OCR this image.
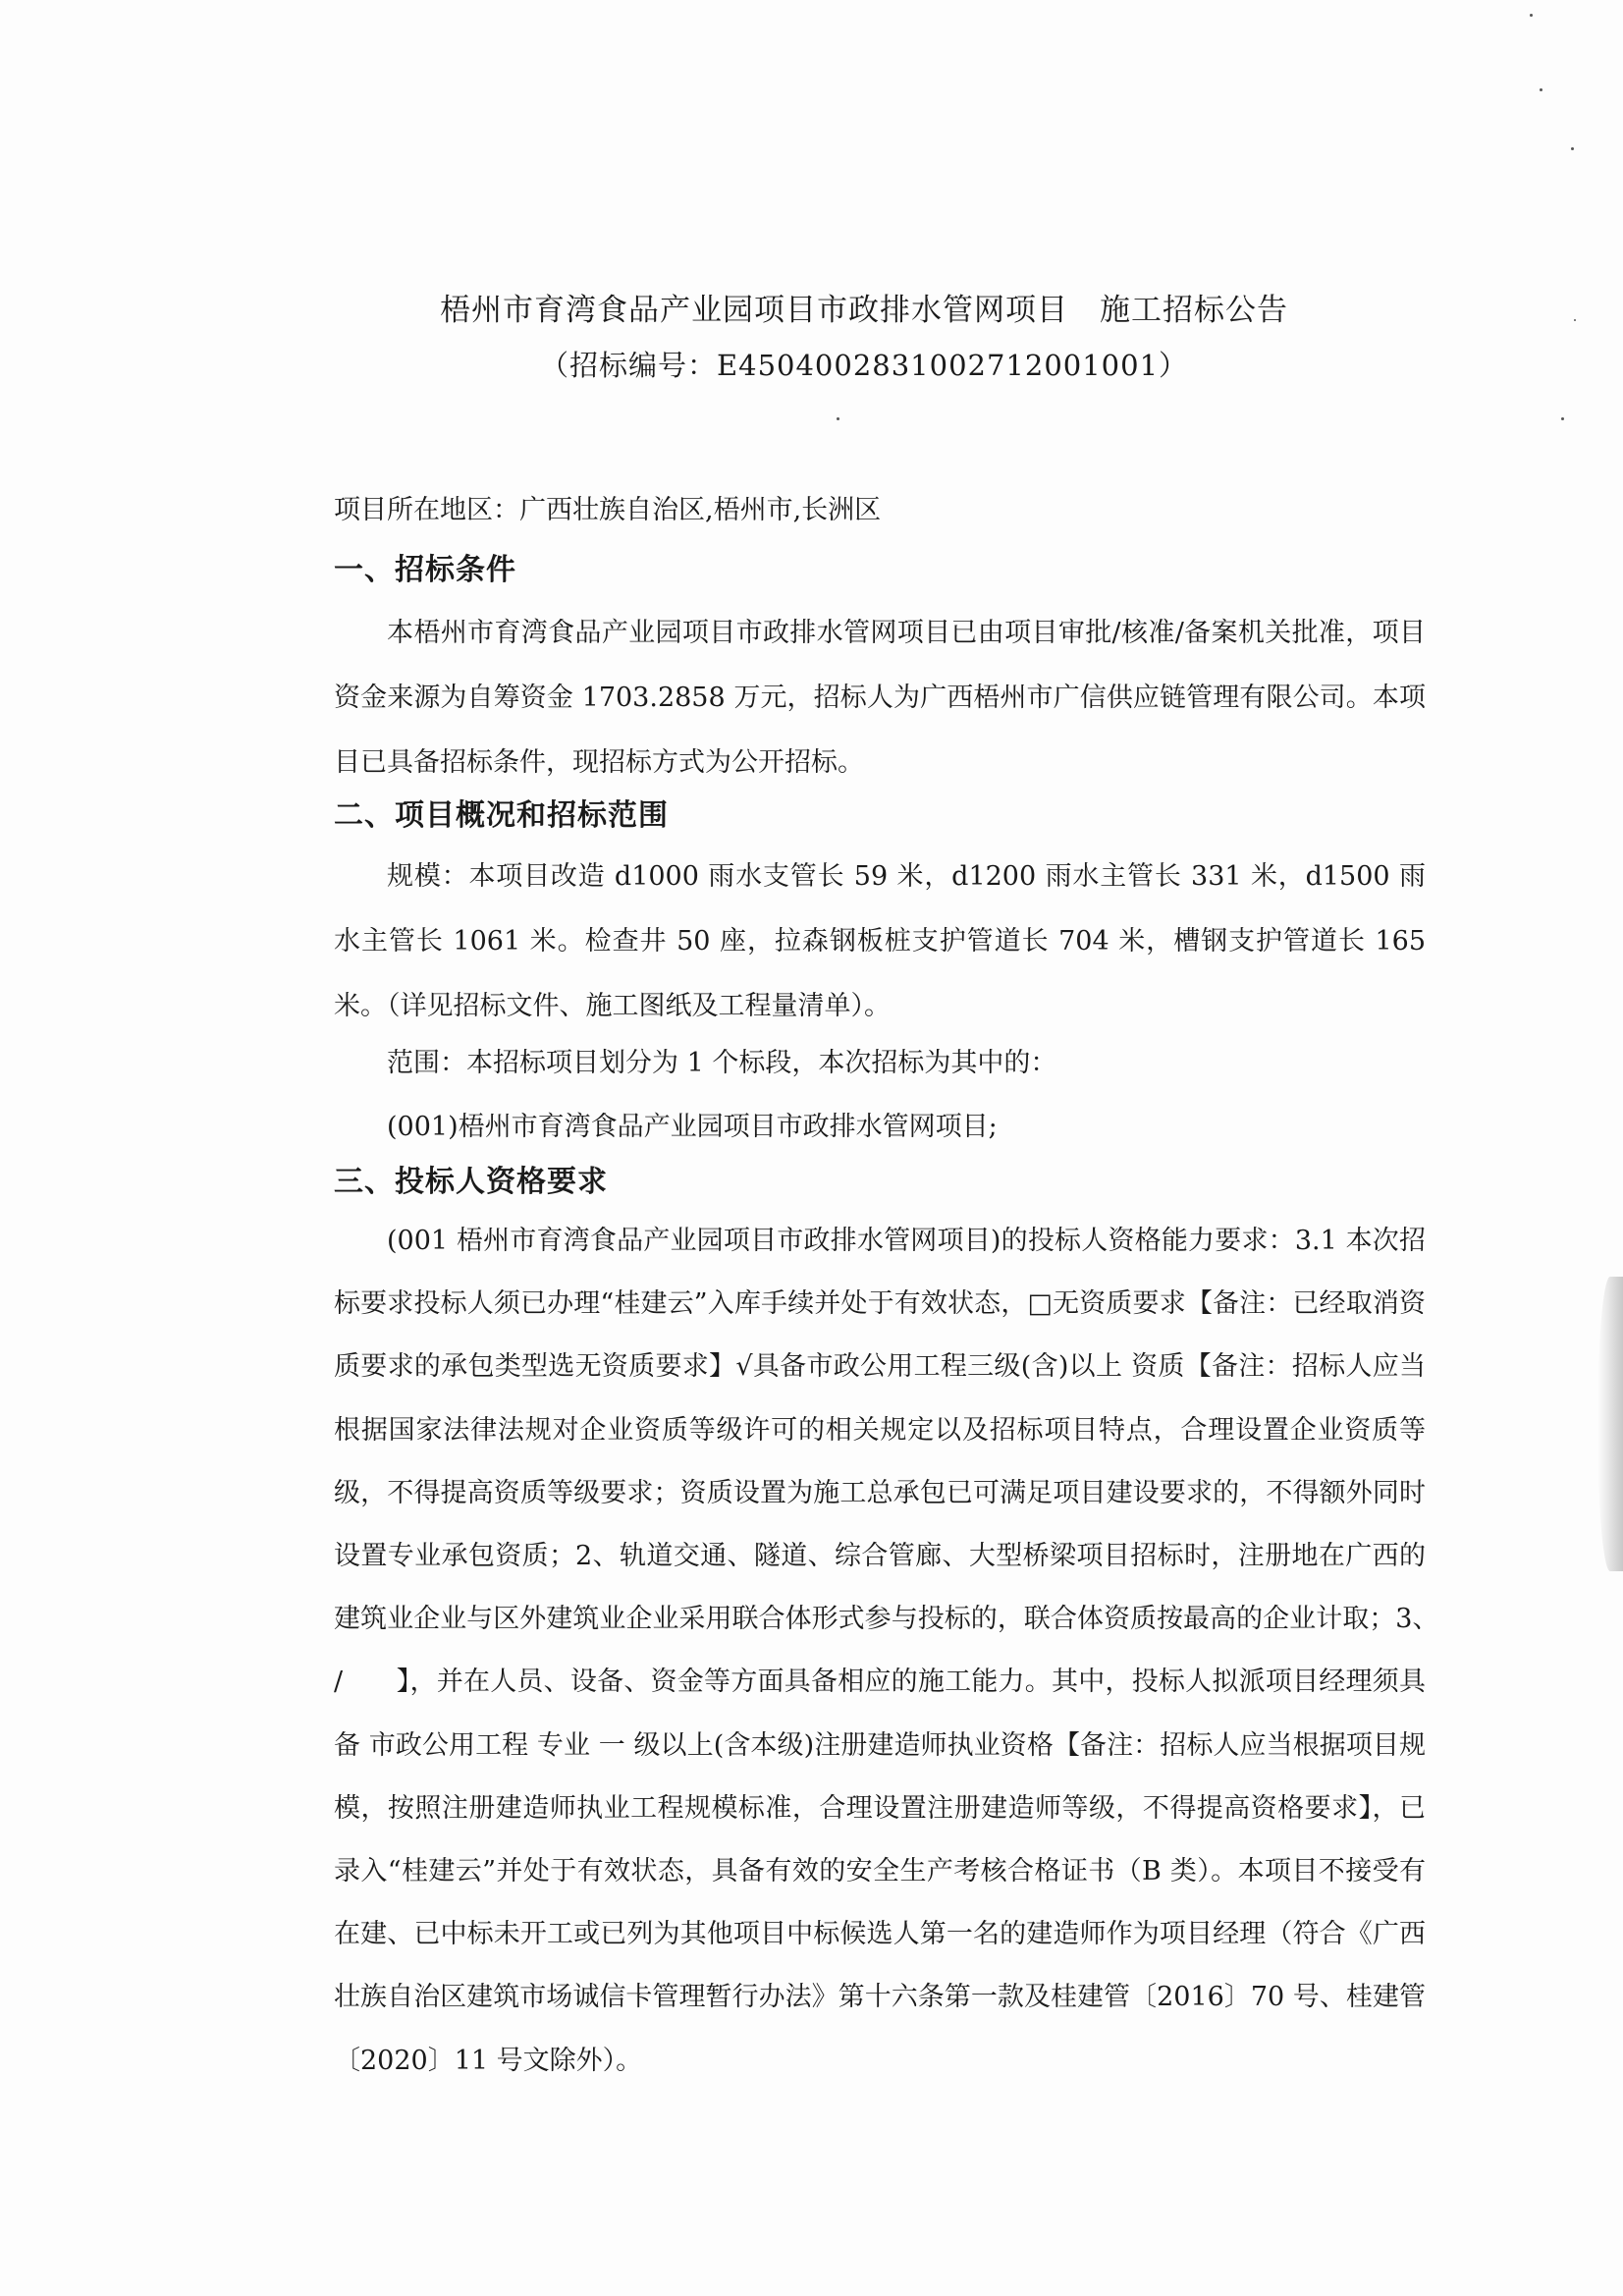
梧州市育湾食品产业园项目市政排水管网项目　施工招标公告
（招标编号：E4504002831002712001001）

项目所在地区：广西壮族自治区,梧州市,长洲区

一、招标条件

本梧州市育湾食品产业园项目市政排水管网项目已由项目审批/核准/备案机关批准，项目资金来源为自筹资金 1703.2858 万元，招标人为广西梧州市广信供应链管理有限公司。本项目已具备招标条件，现招标方式为公开招标。

二、项目概况和招标范围

规模：本项目改造 d1000 雨水支管长 59 米，d1200 雨水主管长 331 米，d1500 雨水主管长 1061 米。检查井 50 座，拉森钢板桩支护管道长 704 米，槽钢支护管道长 165 米。（详见招标文件、施工图纸及工程量清单）。

范围：本招标项目划分为 1 个标段，本次招标为其中的：

(001)梧州市育湾食品产业园项目市政排水管网项目;

三、投标人资格要求

(001 梧州市育湾食品产业园项目市政排水管网项目)的投标人资格能力要求：3.1 本次招标要求投标人须已办理“桂建云”入库手续并处于有效状态，□无资质要求【备注：已经取消资质要求的承包类型选无资质要求】√具备市政公用工程三级(含)以上 资质【备注：招标人应当根据国家法律法规对企业资质等级许可的相关规定以及招标项目特点，合理设置企业资质等级，不得提高资质等级要求；资质设置为施工总承包已可满足项目建设要求的，不得额外同时设置专业承包资质；2、轨道交通、隧道、综合管廊、大型桥梁项目招标时，注册地在广西的建筑业企业与区外建筑业企业采用联合体形式参与投标的，联合体资质按最高的企业计取；3、　　/　　】，并在人员、设备、资金等方面具备相应的施工能力。其中，投标人拟派项目经理须具备 市政公用工程 专业 一 级以上(含本级)注册建造师执业资格【备注：招标人应当根据项目规模，按照注册建造师执业工程规模标准，合理设置注册建造师等级，不得提高资格要求】，已录入“桂建云”并处于有效状态，具备有效的安全生产考核合格证书（B 类）。本项目不接受有在建、已中标未开工或已列为其他项目中标候选人第一名的建造师作为项目经理（符合《广西壮族自治区建筑市场诚信卡管理暂行办法》第十六条第一款及桂建管〔2016〕70 号、桂建管〔2020〕11 号文除外）。
